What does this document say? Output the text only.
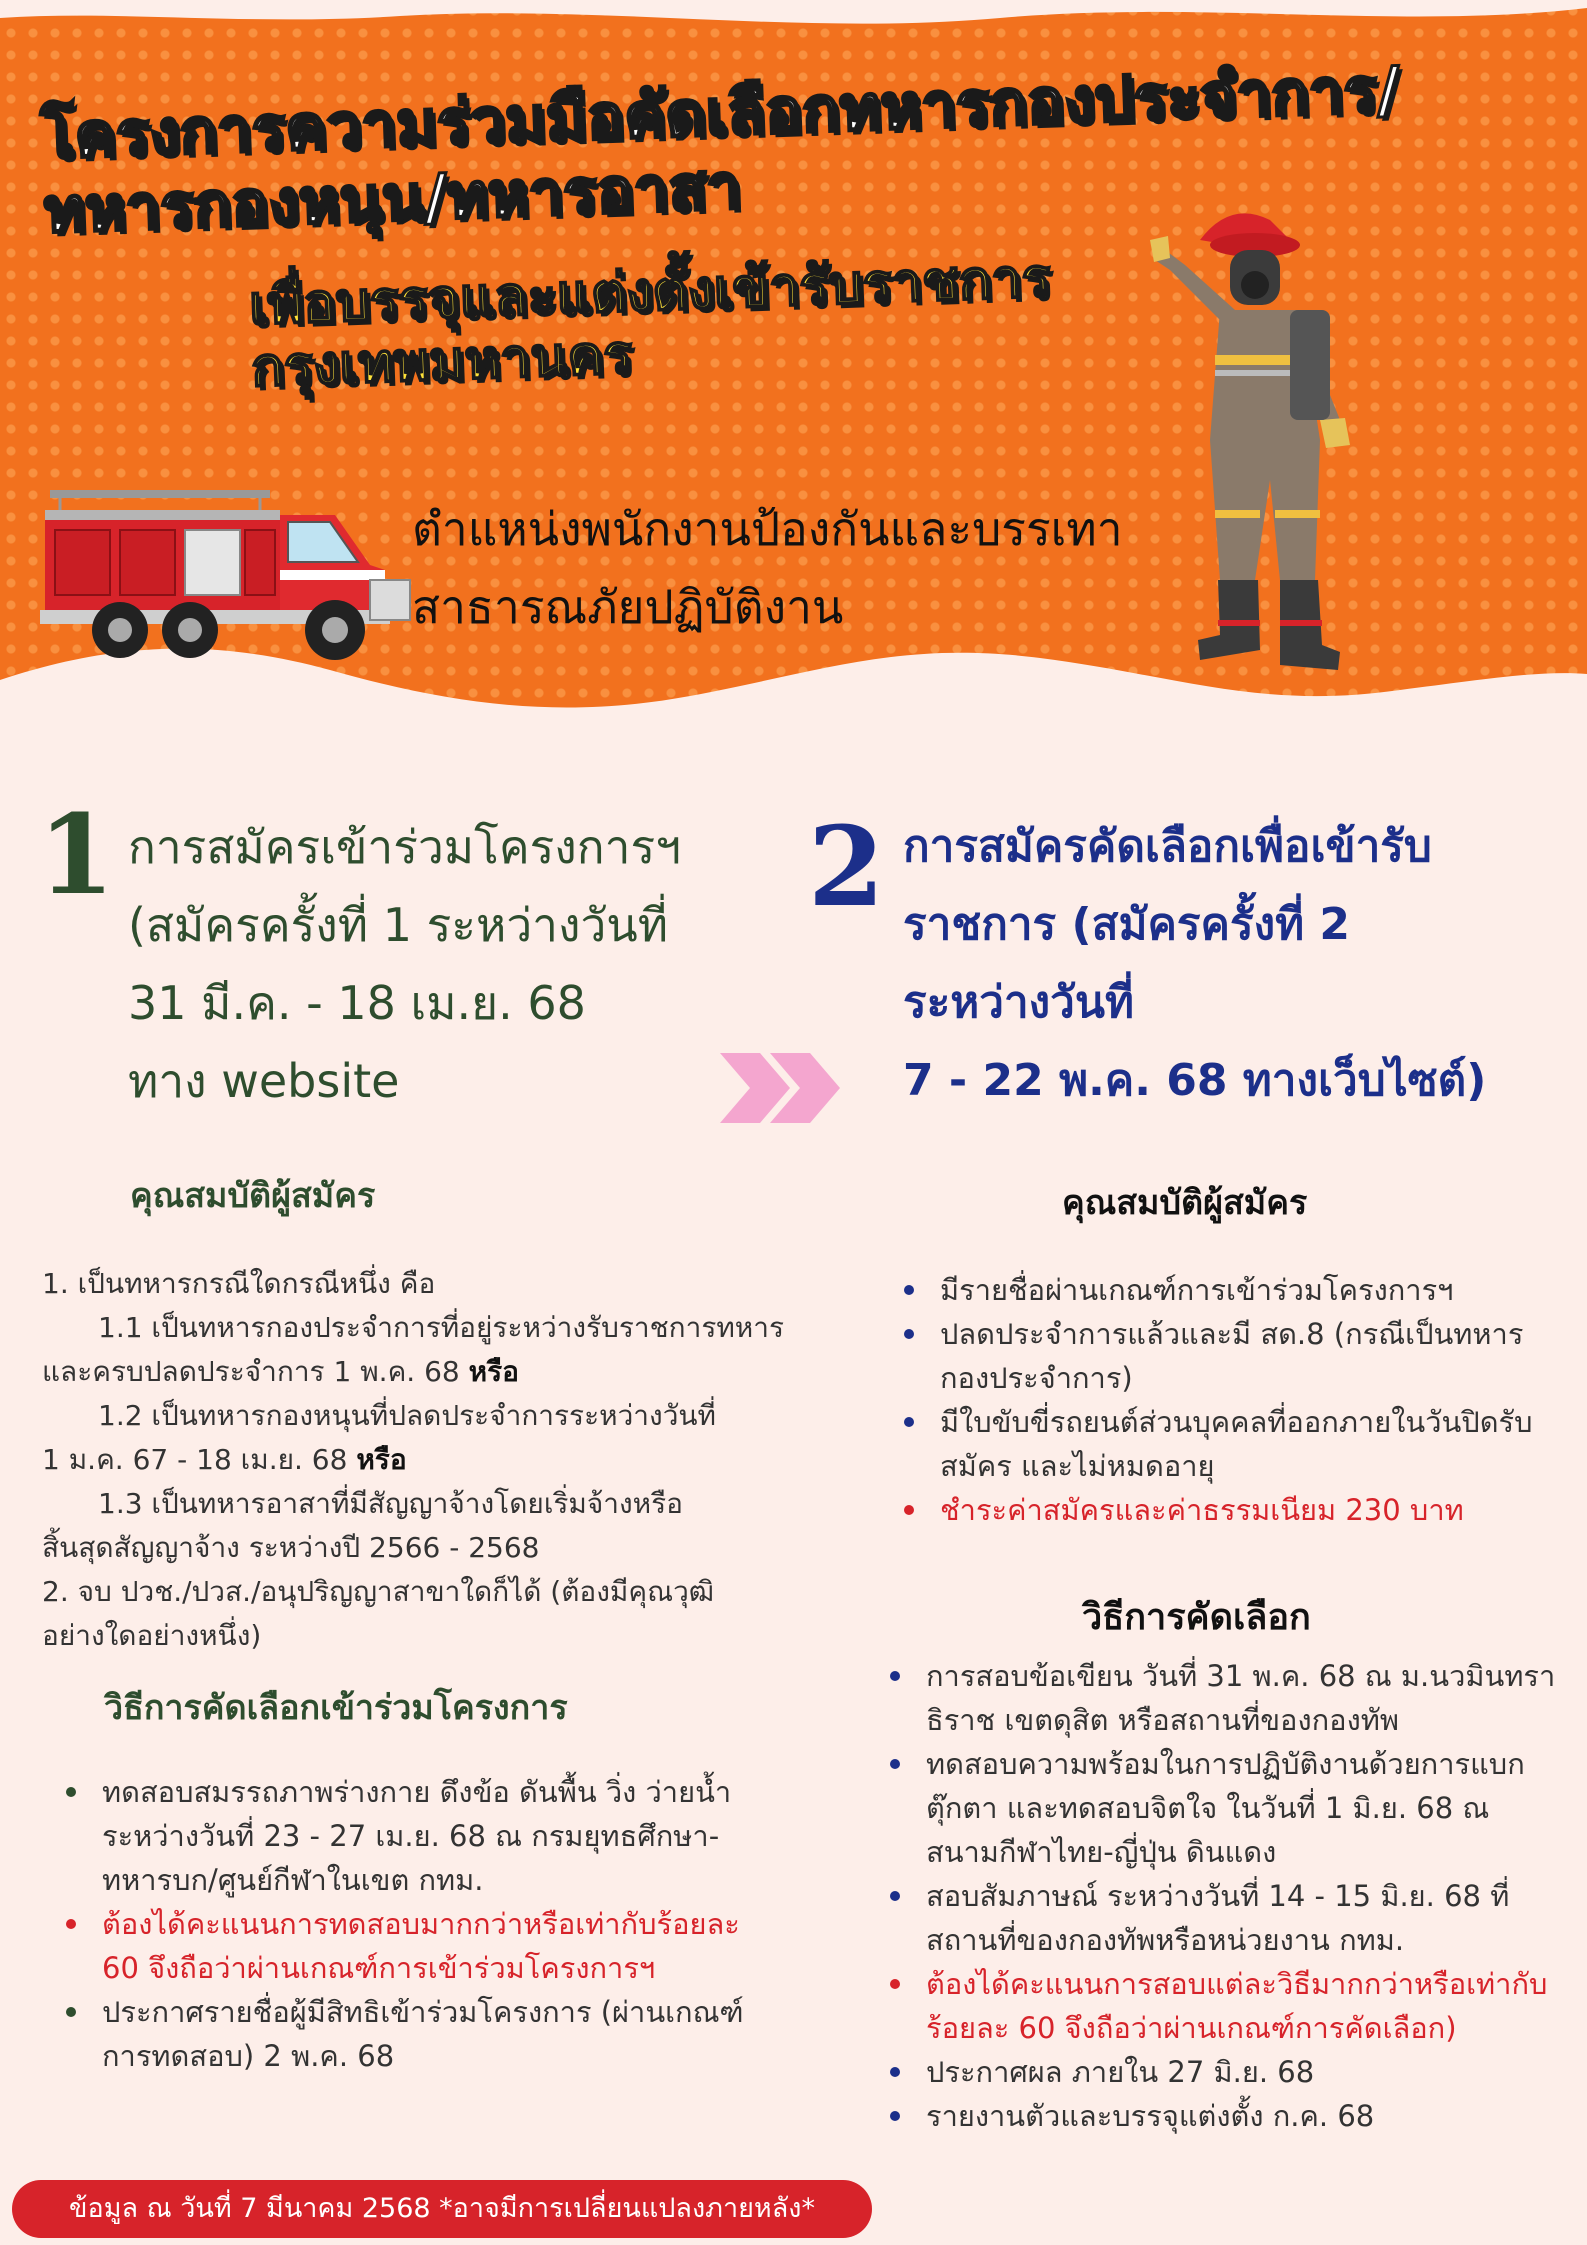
โครงการความร่วมมือคัดเลือกทหารกองประจำการ/ทหารกองหนุน/ทหารอาสา
เพื่อบรรจุและแต่งตั้งเข้ารับราชการกรุงเทพมหานคร
ตำแหน่งพนักงานป้องกันและบรรเทา
สาธารณภัยปฏิบัติงาน
1 การสมัครเข้าร่วมโครงการฯ
(สมัครครั้งที่ 1 ระหว่างวันที่
31 มี.ค. - 18 เม.ย. 68
ทาง website
2 การสมัครคัดเลือกเพื่อเข้ารับ
ราชการ (สมัครครั้งที่ 2
ระหว่างวันที่
7 - 22 พ.ค. 68 ทางเว็บไซต์)
คุณสมบัติผู้สมัคร
1. เป็นทหารกรณีใดกรณีหนึ่ง คือ
1.1 เป็นทหารกองประจำการที่อยู่ระหว่างรับราชการทหาร
และครบปลดประจำการ 1 พ.ค. 68 หรือ
1.2 เป็นทหารกองหนุนที่ปลดประจำการระหว่างวันที่
1 ม.ค. 67 - 18 เม.ย. 68 หรือ
1.3 เป็นทหารอาสาที่มีสัญญาจ้างโดยเริ่มจ้างหรือ
สิ้นสุดสัญญาจ้าง ระหว่างปี 2566 - 2568
2. จบ ปวช./ปวส./อนุปริญญาสาขาใดก็ได้ (ต้องมีคุณวุฒิ
อย่างใดอย่างหนึ่ง)
วิธีการคัดเลือกเข้าร่วมโครงการ
ทดสอบสมรรถภาพร่างกาย ดึงข้อ ดันพื้น วิ่ง ว่ายน้ำ ระหว่างวันที่ 23 - 27 เม.ย. 68 ณ กรมยุทธศึกษา-ทหารบก/ศูนย์กีฬาในเขต กทม.
ต้องได้คะแนนการทดสอบมากกว่าหรือเท่ากับร้อยละ 60 จึงถือว่าผ่านเกณฑ์การเข้าร่วมโครงการฯ
ประกาศรายชื่อผู้มีสิทธิเข้าร่วมโครงการ (ผ่านเกณฑ์การทดสอบ) 2 พ.ค. 68
คุณสมบัติผู้สมัคร
มีรายชื่อผ่านเกณฑ์การเข้าร่วมโครงการฯ
ปลดประจำการแล้วและมี สด.8 (กรณีเป็นทหารกองประจำการ)
มีใบขับขี่รถยนต์ส่วนบุคคลที่ออกภายในวันปิดรับสมัคร และไม่หมดอายุ
ชำระค่าสมัครและค่าธรรมเนียม 230 บาท
วิธีการคัดเลือก
การสอบข้อเขียน วันที่ 31 พ.ค. 68 ณ ม.นวมินทราธิราช เขตดุสิต หรือสถานที่ของกองทัพ
ทดสอบความพร้อมในการปฏิบัติงานด้วยการแบกตุ๊กตา และทดสอบจิตใจ ในวันที่ 1 มิ.ย. 68 ณ สนามกีฬาไทย-ญี่ปุ่น ดินแดง
สอบสัมภาษณ์ ระหว่างวันที่ 14 - 15 มิ.ย. 68 ที่สถานที่ของกองทัพหรือหน่วยงาน กทม.
ต้องได้คะแนนการสอบแต่ละวิธีมากกว่าหรือเท่ากับร้อยละ 60 จึงถือว่าผ่านเกณฑ์การคัดเลือก)
ประกาศผล ภายใน 27 มิ.ย. 68
รายงานตัวและบรรจุแต่งตั้ง ก.ค. 68
ข้อมูล ณ วันที่ 7 มีนาคม 2568 *อาจมีการเปลี่ยนแปลงภายหลัง*
